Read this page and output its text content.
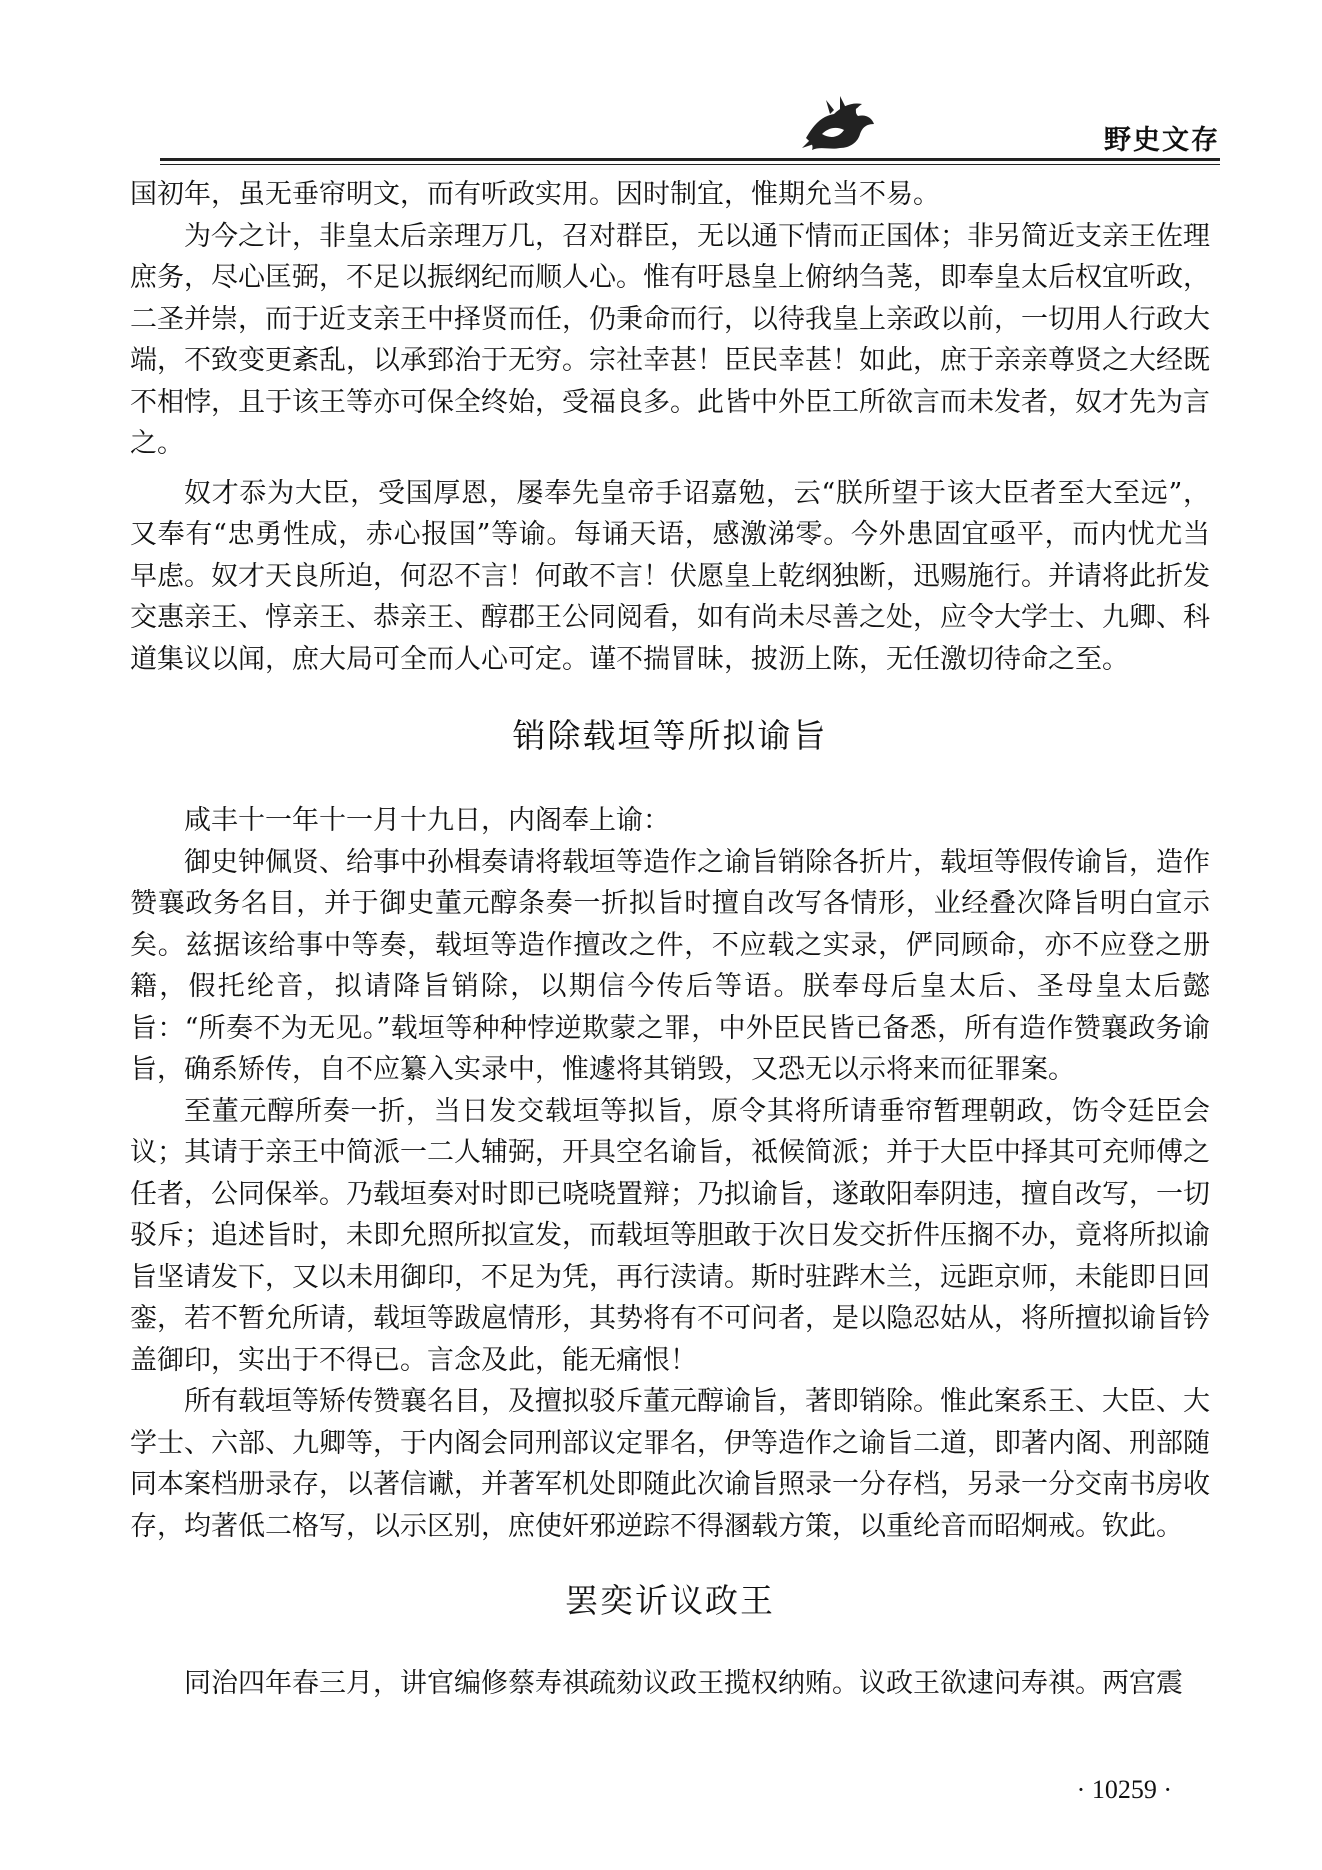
野史文存

国初年，虽无垂帘明文，而有听政实用。因时制宜，惟期允当不易。

为今之计，非皇太后亲理万几，召对群臣，无以通下情而正国体；非另简近支亲王佐理庶务，尽心匡弼，不足以振纲纪而顺人心。惟有吁恳皇上俯纳刍荛，即奉皇太后权宜听政，二圣并崇，而于近支亲王中择贤而任，仍秉命而行，以待我皇上亲政以前，一切用人行政大端，不致变更紊乱，以承郅治于无穷。宗社幸甚！臣民幸甚！如此，庶于亲亲尊贤之大经既不相悖，且于该王等亦可保全终始，受福良多。此皆中外臣工所欲言而未发者，奴才先为言之。

奴才忝为大臣，受国厚恩，屡奉先皇帝手诏嘉勉，云“朕所望于该大臣者至大至远”，又奉有“忠勇性成，赤心报国”等谕。每诵天语，感激涕零。今外患固宜亟平，而内忧尤当早虑。奴才天良所迫，何忍不言！何敢不言！伏愿皇上乾纲独断，迅赐施行。并请将此折发交惠亲王、惇亲王、恭亲王、醇郡王公同阅看，如有尚未尽善之处，应令大学士、九卿、科道集议以闻，庶大局可全而人心可定。谨不揣冒昧，披沥上陈，无任激切待命之至。

销除载垣等所拟谕旨

咸丰十一年十一月十九日，内阁奉上谕：

御史钟佩贤、给事中孙楫奏请将载垣等造作之谕旨销除各折片，载垣等假传谕旨，造作赞襄政务名目，并于御史董元醇条奏一折拟旨时擅自改写各情形，业经叠次降旨明白宣示矣。兹据该给事中等奏，载垣等造作擅改之件，不应载之实录，俨同顾命，亦不应登之册籍，假托纶音，拟请降旨销除，以期信今传后等语。朕奉母后皇太后、圣母皇太后懿旨：“所奏不为无见。”载垣等种种悖逆欺蒙之罪，中外臣民皆已备悉，所有造作赞襄政务谕旨，确系矫传，自不应纂入实录中，惟遽将其销毁，又恐无以示将来而征罪案。

至董元醇所奏一折，当日发交载垣等拟旨，原令其将所请垂帘暂理朝政，饬令廷臣会议；其请于亲王中简派一二人辅弼，开具空名谕旨，祗候简派；并于大臣中择其可充师傅之任者，公同保举。乃载垣奏对时即已哓哓置辩；乃拟谕旨，遂敢阳奉阴违，擅自改写，一切驳斥；追述旨时，未即允照所拟宣发，而载垣等胆敢于次日发交折件压搁不办，竟将所拟谕旨坚请发下，又以未用御印，不足为凭，再行渎请。斯时驻跸木兰，远距京师，未能即日回銮，若不暂允所请，载垣等跋扈情形，其势将有不可问者，是以隐忍姑从，将所擅拟谕旨钤盖御印，实出于不得已。言念及此，能无痛恨！

所有载垣等矫传赞襄名目，及擅拟驳斥董元醇谕旨，著即销除。惟此案系王、大臣、大学士、六部、九卿等，于内阁会同刑部议定罪名，伊等造作之谕旨二道，即著内阁、刑部随同本案档册录存，以著信谳，并著军机处即随此次谕旨照录一分存档，另录一分交南书房收存，均著低二格写，以示区别，庶使奸邪逆踪不得溷载方策，以重纶音而昭炯戒。钦此。

罢奕䜣议政王

同治四年春三月，讲官编修蔡寿祺疏劾议政王揽权纳贿。议政王欲逮问寿祺。两宫震

· 10259 ·
